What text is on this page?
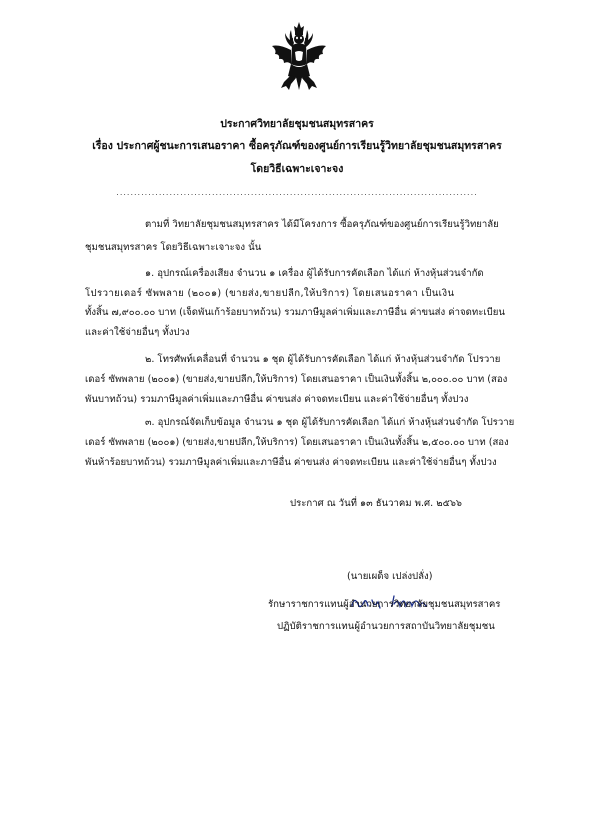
ประกาศวิทยาลัยชุมชนสมุทรสาคร
เรื่อง ประกาศผู้ชนะการเสนอราคา ซื้อครุภัณฑ์ของศูนย์การเรียนรู้วิทยาลัยชุมชนสมุทรสาคร
โดยวิธีเฉพาะเจาะจง
......................................................................................................
ตามที่ วิทยาลัยชุมชนสมุทรสาคร ได้มีโครงการ ซื้อครุภัณฑ์ของศูนย์การเรียนรู้วิทยาลัย
ชุมชนสมุทรสาคร โดยวิธีเฉพาะเจาะจง นั้น
๑. อุปกรณ์เครื่องเสียง จำนวน ๑ เครื่อง ผู้ได้รับการคัดเลือก ได้แก่ ห้างหุ้นส่วนจำกัด
โปรวายเดอร์ ซัพพลาย (๒๐๐๑) (ขายส่ง,ขายปลีก,ให้บริการ) โดยเสนอราคา เป็นเงิน
ทั้งสิ้น ๗,๙๐๐.๐๐ บาท (เจ็ดพันเก้าร้อยบาทถ้วน) รวมภาษีมูลค่าเพิ่มและภาษีอื่น ค่าขนส่ง ค่าจดทะเบียน
และค่าใช้จ่ายอื่นๆ ทั้งปวง
๒. โทรศัพท์เคลื่อนที่ จำนวน ๑ ชุด ผู้ได้รับการคัดเลือก ได้แก่ ห้างหุ้นส่วนจำกัด โปรวาย
เดอร์ ซัพพลาย (๒๐๐๑) (ขายส่ง,ขายปลีก,ให้บริการ) โดยเสนอราคา เป็นเงินทั้งสิ้น ๒,๐๐๐.๐๐ บาท (สอง
พันบาทถ้วน) รวมภาษีมูลค่าเพิ่มและภาษีอื่น ค่าขนส่ง ค่าจดทะเบียน และค่าใช้จ่ายอื่นๆ ทั้งปวง
๓. อุปกรณ์จัดเก็บข้อมูล จำนวน ๑ ชุด ผู้ได้รับการคัดเลือก ได้แก่ ห้างหุ้นส่วนจำกัด โปรวาย
เดอร์ ซัพพลาย (๒๐๐๑) (ขายส่ง,ขายปลีก,ให้บริการ) โดยเสนอราคา เป็นเงินทั้งสิ้น ๒,๕๐๐.๐๐ บาท (สอง
พันห้าร้อยบาทถ้วน) รวมภาษีมูลค่าเพิ่มและภาษีอื่น ค่าขนส่ง ค่าจดทะเบียน และค่าใช้จ่ายอื่นๆ ทั้งปวง
ประกาศ ณ วันที่ ๑๓ ธันวาคม พ.ศ. ๒๕๖๖
(นายเผด็จ เปล่งปลั่ง)
รักษาราชการแทนผู้อำนวยการวิทยาลัยชุมชนสมุทรสาคร
ปฏิบัติราชการแทนผู้อำนวยการสถาบันวิทยาลัยชุมชน
